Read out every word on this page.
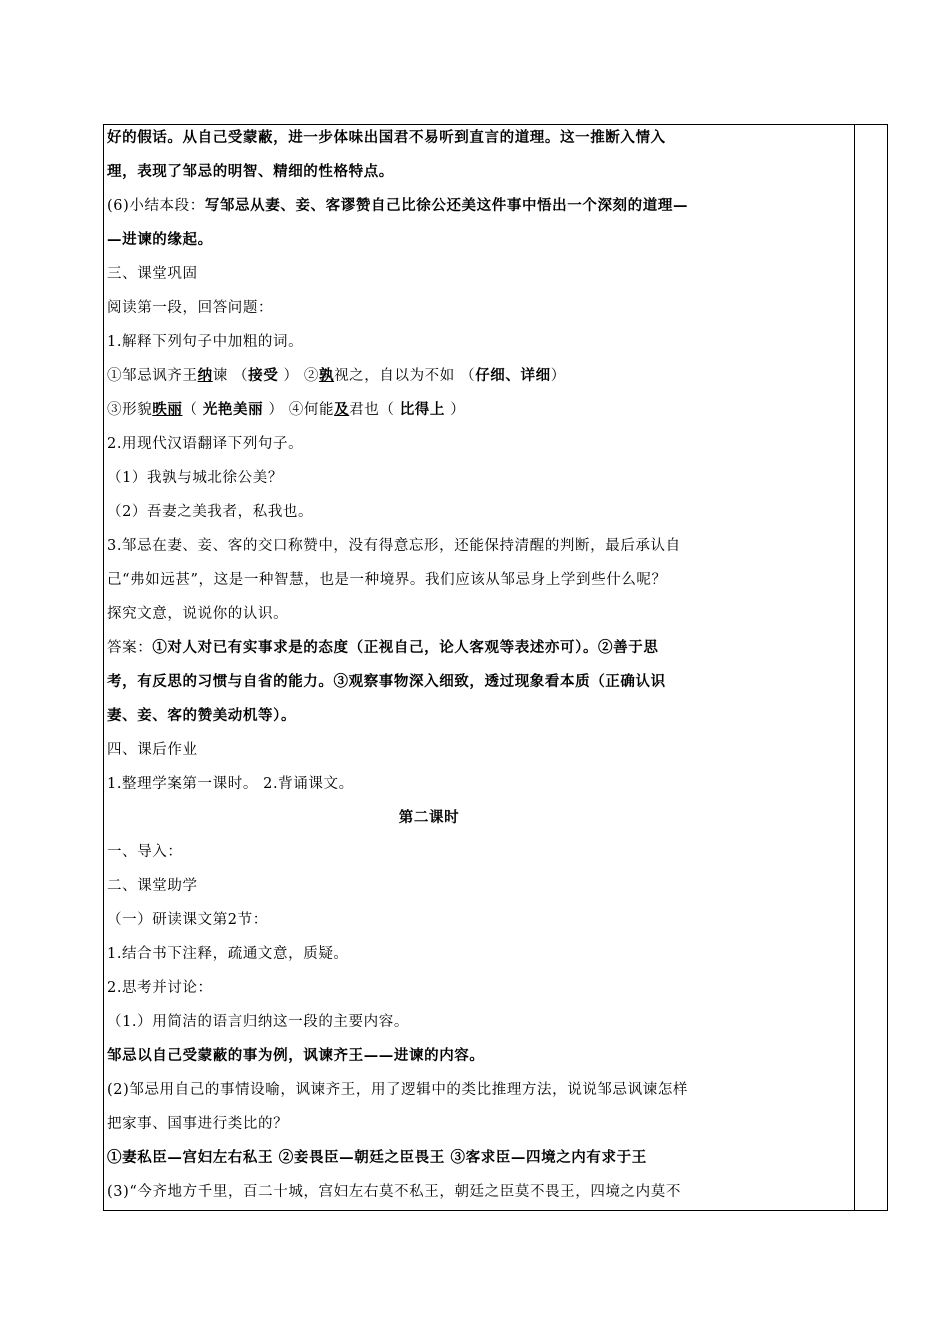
好的假话。从自己受蒙蔽，进一步体味出国君不易听到直言的道理。这一推断入情入
理，表现了邹忌的明智、精细的性格特点。
(6)小结本段：写邹忌从妻、妾、客谬赞自己比徐公还美这件事中悟出一个深刻的道理—
—进谏的缘起。
三、课堂巩固
阅读第一段，回答问题：
1.解释下列句子中加粗的词。
①邹忌讽齐王纳谏 （接受 ） ②孰视之，自以为不如 （仔细、详细）
③形貌昳丽（ 光艳美丽 ） ④何能及君也（ 比得上 ）
2.用现代汉语翻译下列句子。
（1）我孰与城北徐公美？
（2）吾妻之美我者，私我也。
3.邹忌在妻、妾、客的交口称赞中，没有得意忘形，还能保持清醒的判断，最后承认自
己“弗如远甚”，这是一种智慧，也是一种境界。我们应该从邹忌身上学到些什么呢？
探究文意，说说你的认识。
答案：①对人对已有实事求是的态度（正视自己，论人客观等表述亦可）。②善于思
考，有反思的习惯与自省的能力。③观察事物深入细致，透过现象看本质（正确认识
妻、妾、客的赞美动机等）。
四、课后作业
1.整理学案第一课时。 2.背诵课文。
第二课时
一、导入：
二、课堂助学
（一）研读课文第2节：
1.结合书下注释，疏通文意，质疑。
2.思考并讨论：
（1.）用简洁的语言归纳这一段的主要内容。
邹忌以自己受蒙蔽的事为例，讽谏齐王——进谏的内容。
(2)邹忌用自己的事情设喻，讽谏齐王，用了逻辑中的类比推理方法，说说邹忌讽谏怎样
把家事、国事进行类比的？
①妻私臣—宫妇左右私王 ②妾畏臣—朝廷之臣畏王 ③客求臣—四境之内有求于王
(3)“今齐地方千里，百二十城，宫妇左右莫不私王，朝廷之臣莫不畏王，四境之内莫不
